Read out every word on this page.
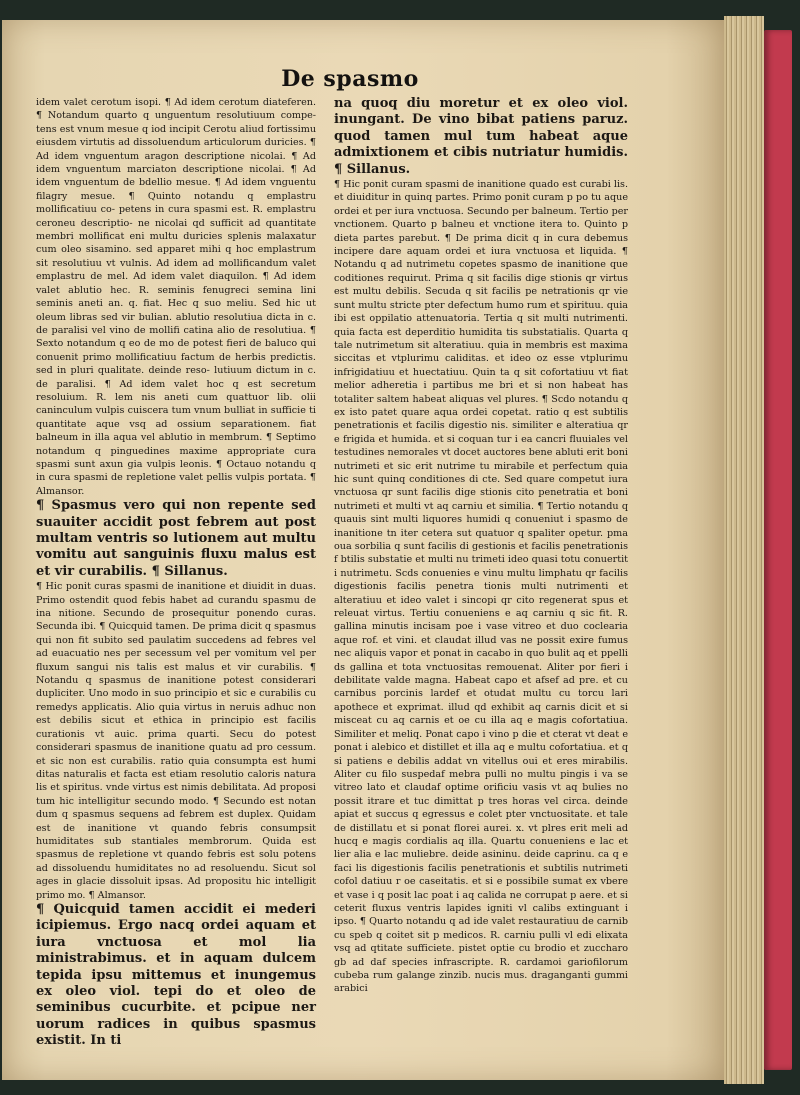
De spasmo

idem valet cerotum isopi. ¶ Ad idem cerotum diateferen. ¶ Notandum quarto q unguentum resolutiuum compe- tens est vnum mesue q iod incipit Cerotu aliud fortissimu eiusdem virtutis ad dissoluendum articulorum duricies. ¶ Ad idem vnguentum aragon descriptione nicolai. ¶ Ad idem vnguentum marciaton descriptione nicolai. ¶ Ad idem vnguentum de bdellio mesue. ¶ Ad idem vnguentu filagry mesue. ¶ Quinto notandu q emplastru mollificatiuu co- petens in cura spasmi est. R. emplastru ceroneu descriptio- ne nicolai qd sufficit ad quantitate membri mollificat eni multu duricies splenis malaxatur cum oleo sisamino. sed apparet mihi q hoc emplastrum sit resolutiuu vt vulnis. Ad idem ad mollificandum valet emplastru de mel. Ad idem valet diaquilon. ¶ Ad idem valet ablutio hec. R. seminis fenugreci semina lini seminis aneti an. q. fiat. Hec q suo meliu. Sed hic ut oleum libras sed vir bulian. ablutio resolutiua dicta in c. de paralisi vel vino de mollifi catina alio de resolutiua. ¶ Sexto notandum q eo de mo de potest fieri de baluco qui conuenit primo mollificatiuu factum de herbis predictis. sed in pluri qualitate. deinde reso- lutiuum dictum in c. de paralisi. ¶ Ad idem valet hoc q est secretum resoluium. R. lem nis aneti cum quattuor lib. olii caninculum vulpis cuiscera tum vnum bulliat in sufficie ti quantitate aque vsq ad ossium separationem. fiat balneum in illa aqua vel ablutio in membrum. ¶ Septimo notandum q pinguedines maxime appropriate cura spasmi sunt axun gia vulpis leonis. ¶ Octauo notandu q in cura spasmi de repletione valet pellis vulpis portata. ¶ Almansor.

¶ Spasmus vero qui non repente sed suauiter accidit post febrem aut post multam ventris so lutionem aut multu vomitu aut sanguinis fluxu malus est et vir curabilis. ¶ Sillanus.

¶ Hic ponit curas spasmi de inanitione et diuidit in duas. Primo ostendit quod febis habet ad curandu spasmu de ina nitione. Secundo de prosequitur ponendo curas. Secunda ibi. ¶ Quicquid tamen. De prima dicit q spasmus qui non fit subito sed paulatim succedens ad febres vel ad euacuatio nes per secessum vel per vomitum vel per fluxum sangui nis talis est malus et vir curabilis. ¶ Notandu q spasmus de inanitione potest considerari dupliciter. Uno modo in suo principio et sic e curabilis cu remedys applicatis. Alio quia virtus in neruis adhuc non est debilis sicut et ethica in principio est facilis curationis vt auic. prima quarti. Secu do potest considerari spasmus de inanitione quatu ad pro cessum. et sic non est curabilis. ratio quia consumpta est humi ditas naturalis et facta est etiam resolutio caloris natura lis et spiritus. vnde virtus est nimis debilitata. Ad proposi tum hic intelligitur secundo modo. ¶ Secundo est notan dum q spasmus sequens ad febrem est duplex. Quidam est de inanitione vt quando febris consumpsit humiditates sub stantiales membrorum. Quida est spasmus de repletione vt quando febris est solu potens ad dissoluendu humiditates no ad resoluendu. Sicut sol ages in glacie dissoluit ipsas. Ad propositu hic intelligit primo mo. ¶ Almansor.

¶ Quicquid tamen accidit ei mederi icipiemus. Ergo nacq ordei aquam et iura vnctuosa et mol lia ministrabimus. et in aquam dulcem tepida ipsu mittemus et inungemus ex oleo viol. tepi do et oleo de seminibus cucurbite. et pcipue ner uorum radices in quibus spasmus existit. In ti

na quoq diu moretur et ex oleo viol. inungant. De vino bibat patiens paruz. quod tamen mul tum habeat aque admixtionem et cibis nutriatur humidis. ¶ Sillanus.

¶ Hic ponit curam spasmi de inanitione quado est curabi lis. et diuiditur in quinq partes. Primo ponit curam p po tu aque ordei et per iura vnctuosa. Secundo per balneum. Tertio per vnctionem. Quarto p balneu et vnctione itera to. Quinto p dieta partes parebut. ¶ De prima dicit q in cura debemus incipere dare aquam ordei et iura vnctuosa et liquida. ¶ Notandu q ad nutrimetu copetes spasmo de inanitione que coditiones requirut. Prima q sit facilis dige stionis qr virtus est multu debilis. Secuda q sit facilis pe netrationis qr vie sunt multu stricte pter defectum humo rum et spirituu. quia ibi est oppilatio attenuatoria. Tertia q sit multi nutrimenti. quia facta est deperditio humidita tis substatialis. Quarta q tale nutrimetum sit alteratiuu. quia in membris est maxima siccitas et vtplurimu caliditas. et ideo oz esse vtplurimu infrigidatiuu et huectatiuu. Quin ta q sit cofortatiuu vt fiat melior adheretia i partibus me bri et si non habeat has totaliter saltem habeat aliquas vel plures. ¶ Scdo notandu q ex isto patet quare aqua ordei copetat. ratio q est subtilis penetrationis et facilis digestio nis. similiter e alteratiua qr e frigida et humida. et si coquan tur i ea cancri fluuiales vel testudines nemorales vt docet auctores bene abluti erit boni nutrimeti et sic erit nutrime tu mirabile et perfectum quia hic sunt quinq conditiones di cte. Sed quare competut iura vnctuosa qr sunt facilis dige stionis cito penetratia et boni nutrimeti et multi vt aq carniu et similia. ¶ Tertio notandu q quauis sint multi liquores humidi q conueniut i spasmo de inanitione tn iter cetera sut quatuor q spaliter opetur. pma oua sorbilia q sunt facilis di gestionis et facilis penetrationis f btilis substatie et multi nu trimeti ideo quasi totu conuertit i nutrimetu. Scds conuenies e vinu multu limphatu qr facilis digestionis facilis penetra tionis multi nutrimenti et alteratiuu et ideo valet i sincopi qr cito regenerat spus et releuat virtus. Tertiu conueniens e aq carniu q sic fit. R. gallina minutis incisam poe i vase vitreo et duo coclearia aque rof. et vini. et claudat illud vas ne possit exire fumus nec aliquis vapor et ponat in cacabo in quo bulit aq et ppelli ds gallina et tota vnctuositas remouenat. Aliter por fieri i debilitate valde magna. Habeat capo et afsef ad pre. et cu carnibus porcinis lardef et otudat multu cu torcu lari apothece et exprimat. illud qd exhibit aq carnis dicit et si misceat cu aq carnis et oe cu illa aq e magis cofortatiua. Similiter et meliq. Ponat capo i vino p die et cterat vt deat e ponat i alebico et distillet et illa aq e multu cofortatiua. et q si patiens e debilis addat vn vitellus oui et eres mirabilis. Aliter cu filo suspedaf mebra pulli no multu pingis i va se vitreo lato et claudaf optime orificiu vasis vt aq bulies no possit itrare et tuc dimittat p tres horas vel circa. deinde apiat et succus q egressus e colet pter vnctuositate. et tale de distillatu et si ponat florei aurei. x. vt plres erit meli ad hucq e magis cordialis aq illa. Quartu conueniens e lac et lier alia e lac muliebre. deide asininu. deide caprinu. ca q e faci lis digestionis facilis penetrationis et subtilis nutrimeti cofol datiuu r oe caseitatis. et si e possibile sumat ex vbere et vase i q posit lac poat i aq calida ne corrupat p aere. et si ceterit fluxus ventris lapides igniti vl calibs extinguant i ipso. ¶ Quarto notandu q ad ide valet restauratiuu de carnib cu speb q coitet sit p medicos. R. carniu pulli vl edi elixata vsq ad qtitate sufficiete. pistet optie cu brodio et zuccharo gb ad daf species infrascripte. R. cardamoi gariofilorum cubeba rum galange zinzib. nucis mus. draganganti gummi arabici
